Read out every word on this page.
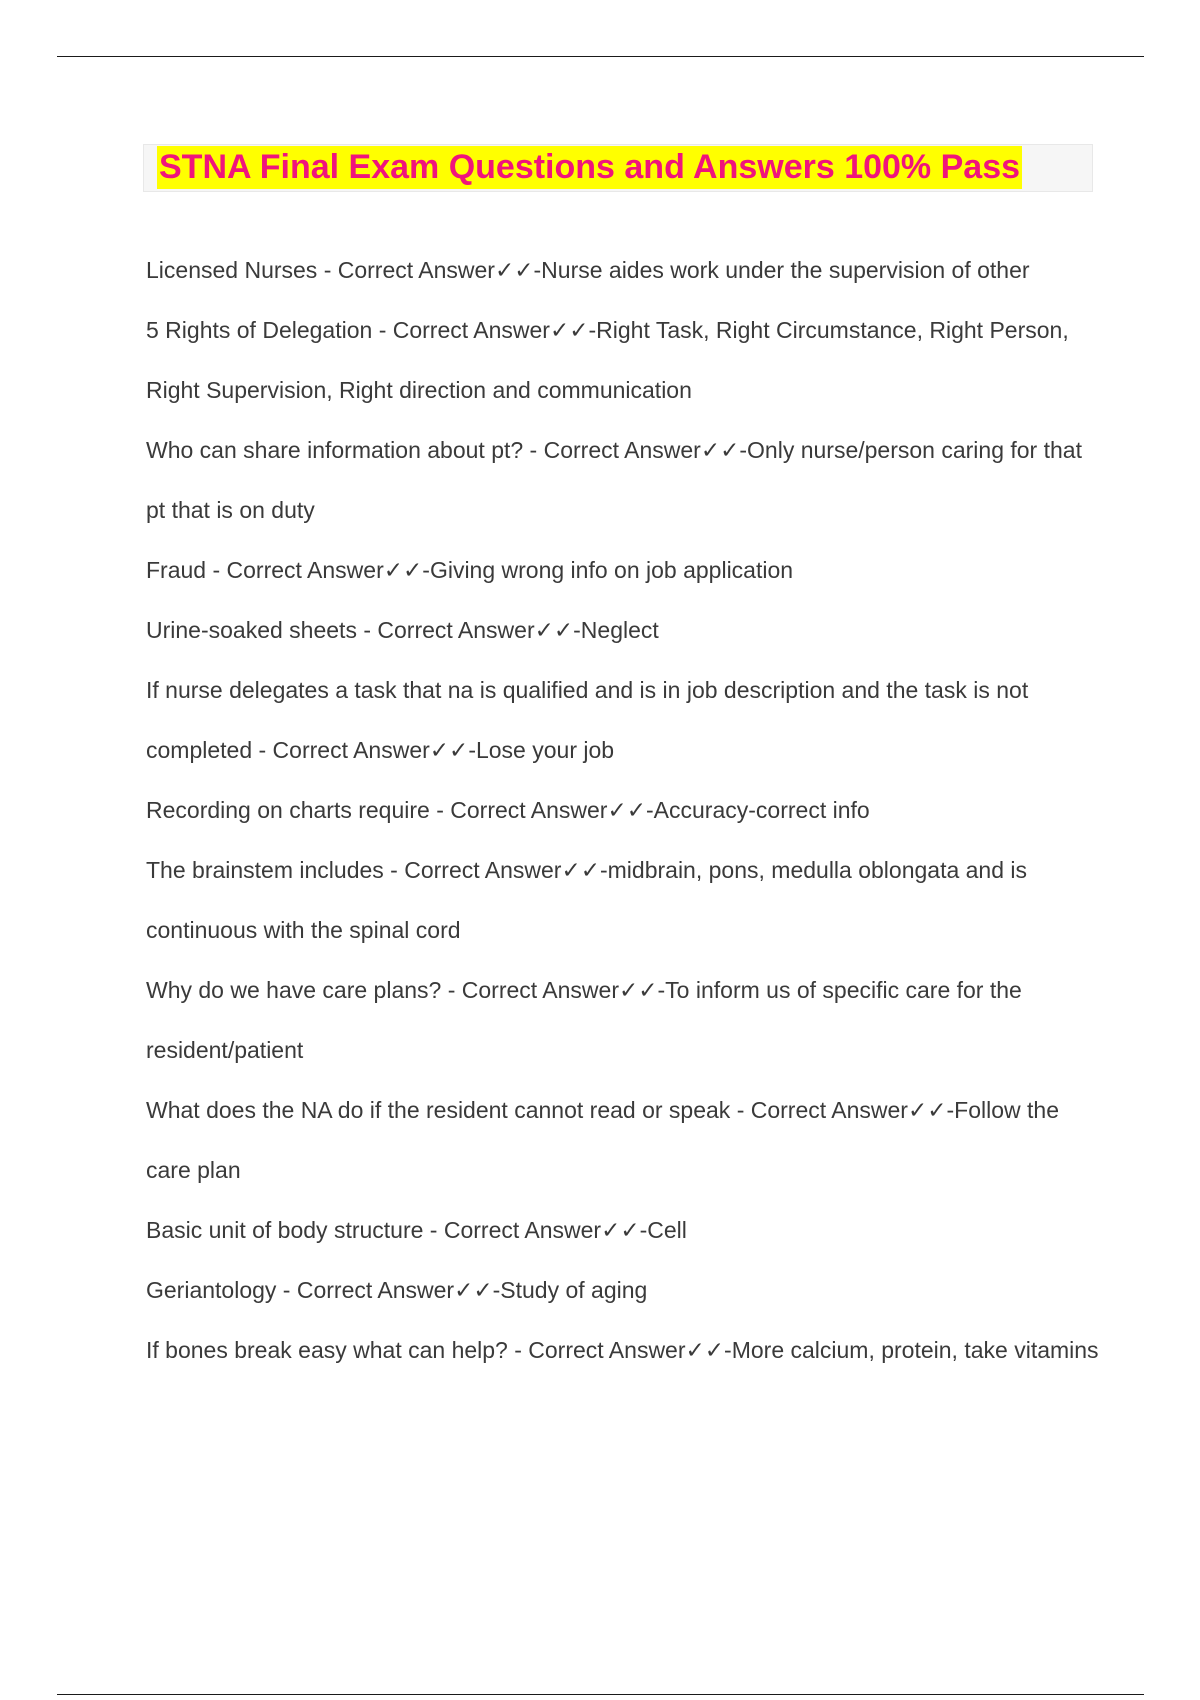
STNA Final Exam Questions and Answers 100% Pass

Licensed Nurses - Correct Answer✓✓-Nurse aides work under the supervision of other

5 Rights of Delegation - Correct Answer✓✓-Right Task, Right Circumstance, Right Person, Right Supervision, Right direction and communication

Who can share information about pt? - Correct Answer✓✓-Only nurse/person caring for that pt that is on duty

Fraud - Correct Answer✓✓-Giving wrong info on job application

Urine-soaked sheets - Correct Answer✓✓-Neglect

If nurse delegates a task that na is qualified and is in job description and the task is not completed - Correct Answer✓✓-Lose your job

Recording on charts require - Correct Answer✓✓-Accuracy-correct info

The brainstem includes - Correct Answer✓✓-midbrain, pons, medulla oblongata and is continuous with the spinal cord

Why do we have care plans? - Correct Answer✓✓-To inform us of specific care for the resident/patient

What does the NA do if the resident cannot read or speak - Correct Answer✓✓-Follow the care plan

Basic unit of body structure - Correct Answer✓✓-Cell

Geriantology - Correct Answer✓✓-Study of aging

If bones break easy what can help? - Correct Answer✓✓-More calcium, protein, take vitamins
